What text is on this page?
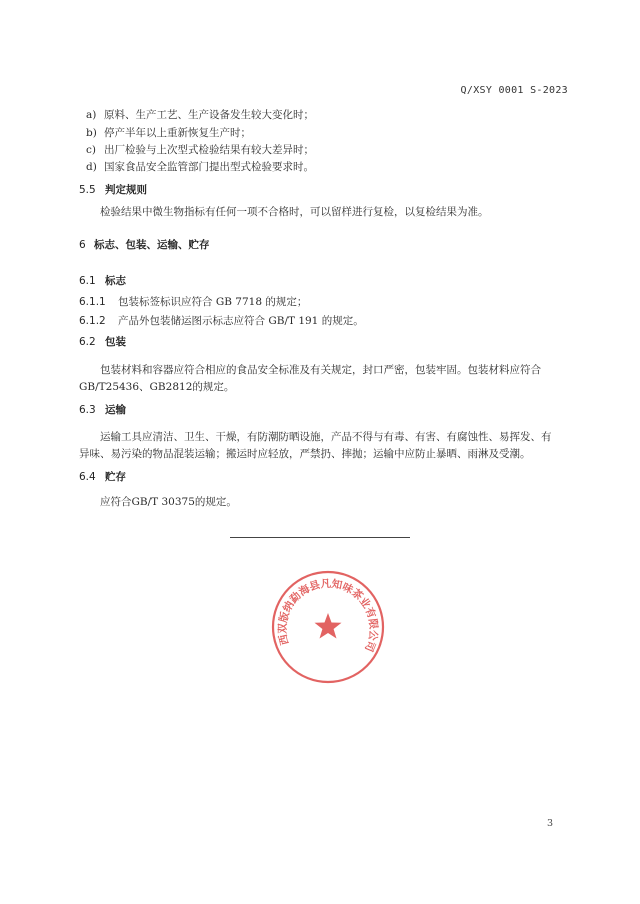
Q/XSY 0001 S-2023
a) 原料、生产工艺、生产设备发生较大变化时；
b) 停产半年以上重新恢复生产时；
c) 出厂检验与上次型式检验结果有较大差异时；
d) 国家食品安全监管部门提出型式检验要求时。
5.5 判定规则
检验结果中微生物指标有任何一项不合格时，可以留样进行复检，以复检结果为准。
6 标志、包装、运输、贮存
6.1 标志
6.1.1 包装标签标识应符合 GB 7718 的规定；
6.1.2 产品外包装储运图示标志应符合 GB/T 191 的规定。
6.2 包装
包装材料和容器应符合相应的食品安全标准及有关规定，封口严密，包装牢固。包装材料应符合
GB/T25436、GB2812的规定。
6.3 运输
运输工具应清洁、卫生、干燥，有防潮防晒设施，产品不得与有毒、有害、有腐蚀性、易挥发、有
异味、易污染的物品混装运输；搬运时应轻放，严禁扔、摔抛；运输中应防止暴晒、雨淋及受潮。
6.4 贮存
应符合GB/T 30375的规定。
西双版纳勐海县凡知味茶业有限公司
3
